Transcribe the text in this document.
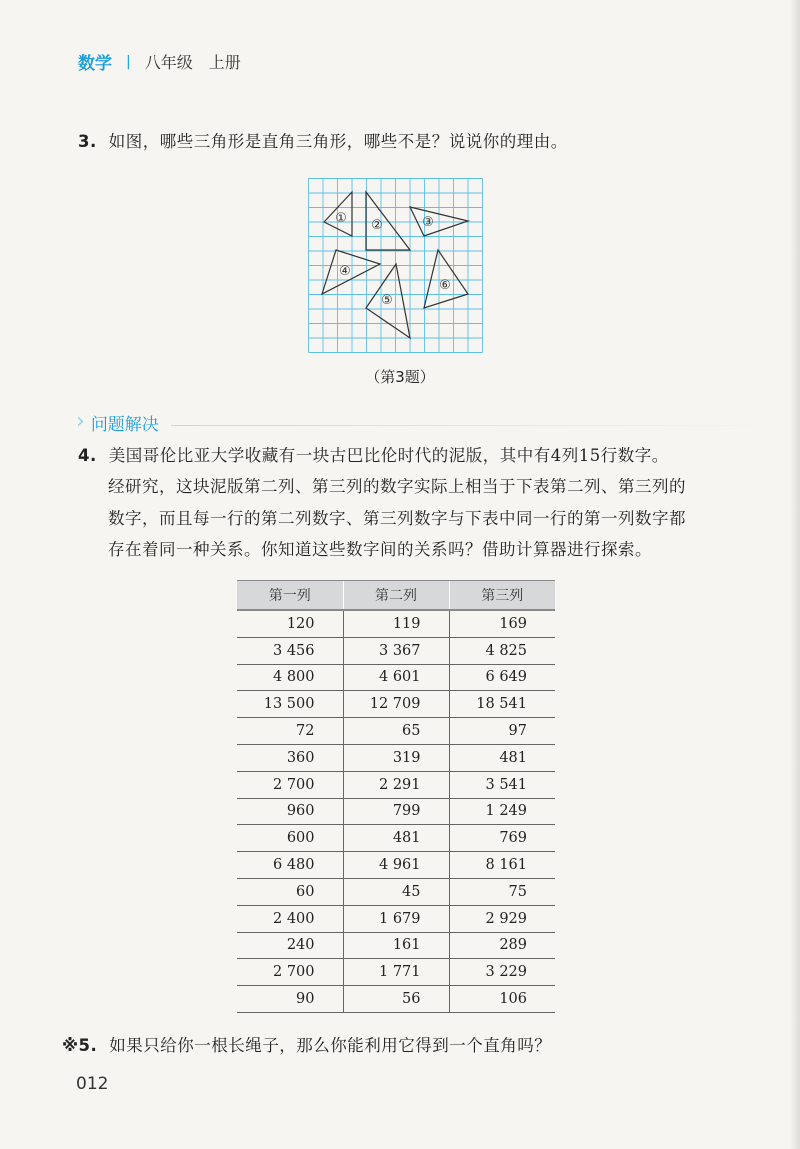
数学 | 八年级 上册
3. 如图，哪些三角形是直角三角形，哪些不是？说说你的理由。
① ②	③
④
⑤
⑥
（第3题）
› 问题解决
4. 美国哥伦比亚大学收藏有一块古巴比伦时代的泥版，其中有4列15行数字。
经研究，这块泥版第二列、第三列的数字实际上相当于下表第二列、第三列的
数字，而且每一行的第二列数字、第三列数字与下表中同一行的第一列数字都
存在着同一种关系。你知道这些数字间的关系吗？借助计算器进行探索。
第一列	第二列	第三列
120	119	169
3 456	3 367	4 825
4 800	4 601	6 649
13 500	12 709	18 541
72	65	97
360	319	481
2 700	2 291	3 541
960	799	1 249
600	481	769
6 480	4 961	8 161
60	45	75
2 400	1 679	2 929
240	161	289
2 700	1 771	3 229
90	56	106
※5. 如果只给你一根长绳子，那么你能利用它得到一个直角吗？
012
